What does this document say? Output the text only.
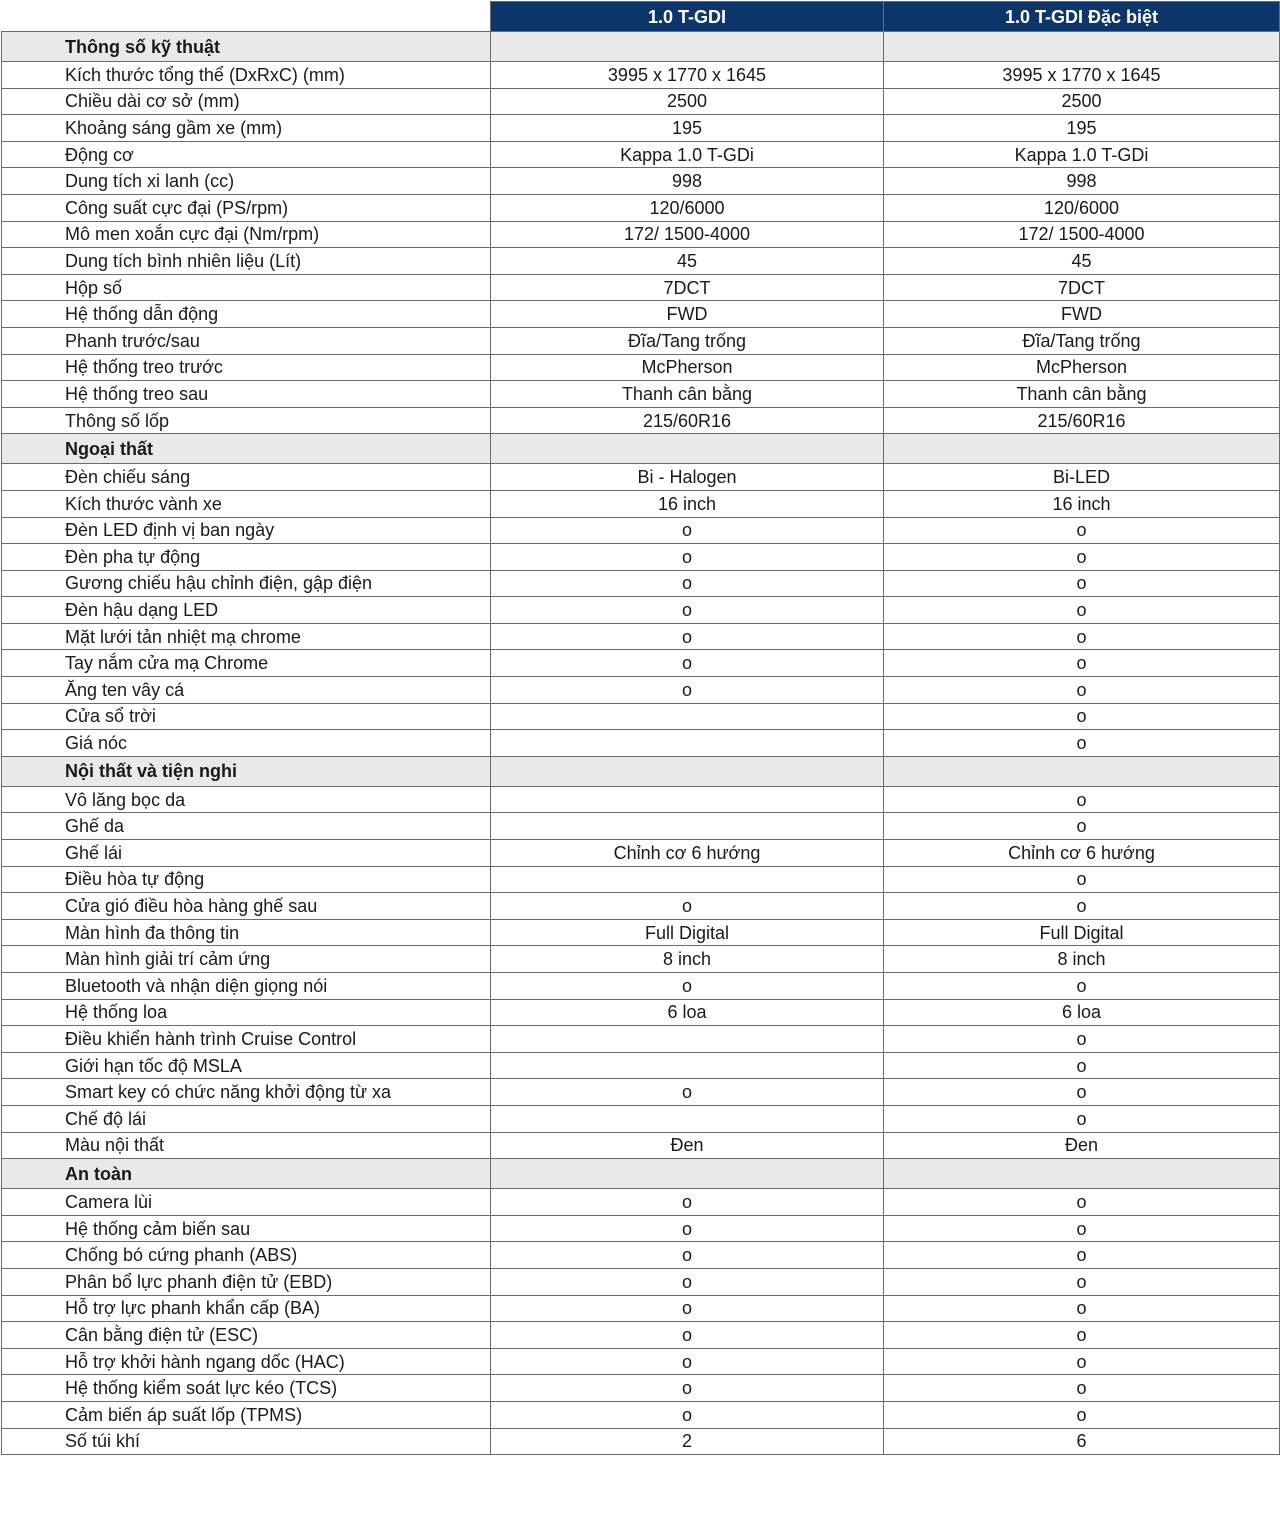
	1.0 T-GDI	1.0 T-GDI Đặc biệt
Thông số kỹ thuật		
Kích thước tổng thể (DxRxC) (mm)	3995 x 1770 x 1645	3995 x 1770 x 1645
Chiều dài cơ sở (mm)	2500	2500
Khoảng sáng gầm xe (mm)	195	195
Động cơ	Kappa 1.0 T-GDi	Kappa 1.0 T-GDi
Dung tích xi lanh (cc)	998	998
Công suất cực đại (PS/rpm)	120/6000	120/6000
Mô men xoắn cực đại (Nm/rpm)	172/ 1500-4000	172/ 1500-4000
Dung tích bình nhiên liệu (Lít)	45	45
Hộp số	7DCT	7DCT
Hệ thống dẫn động	FWD	FWD
Phanh trước/sau	Đĩa/Tang trống	Đĩa/Tang trống
Hệ thống treo trước	McPherson	McPherson
Hệ thống treo sau	Thanh cân bằng	Thanh cân bằng
Thông số lốp	215/60R16	215/60R16
Ngoại thất		
Đèn chiếu sáng	Bi - Halogen	Bi-LED
Kích thước vành xe	16 inch	16 inch
Đèn LED định vị ban ngày	o	o
Đèn pha tự động	o	o
Gương chiếu hậu chỉnh điện, gập điện	o	o
Đèn hậu dạng LED	o	o
Mặt lưới tản nhiệt mạ chrome	o	o
Tay nắm cửa mạ Chrome	o	o
Ăng ten vây cá	o	o
Cửa sổ trời		o
Giá nóc		o
Nội thất và tiện nghi		
Vô lăng bọc da		o
Ghế da		o
Ghế lái	Chỉnh cơ 6 hướng	Chỉnh cơ 6 hướng
Điều hòa tự động		o
Cửa gió điều hòa hàng ghế sau	o	o
Màn hình đa thông tin	Full Digital	Full Digital
Màn hình giải trí cảm ứng	8 inch	8 inch
Bluetooth và nhận diện giọng nói	o	o
Hệ thống loa	6 loa	6 loa
Điều khiển hành trình Cruise Control		o
Giới hạn tốc độ MSLA		o
Smart key có chức năng khởi động từ xa	o	o
Chế độ lái		o
Màu nội thất	Đen	Đen
An toàn		
Camera lùi	o	o
Hệ thống cảm biến sau	o	o
Chống bó cứng phanh (ABS)	o	o
Phân bổ lực phanh điện tử (EBD)	o	o
Hỗ trợ lực phanh khẩn cấp (BA)	o	o
Cân bằng điện tử (ESC)	o	o
Hỗ trợ khởi hành ngang dốc (HAC)	o	o
Hệ thống kiểm soát lực kéo (TCS)	o	o
Cảm biến áp suất lốp (TPMS)	o	o
Số túi khí	2	6
